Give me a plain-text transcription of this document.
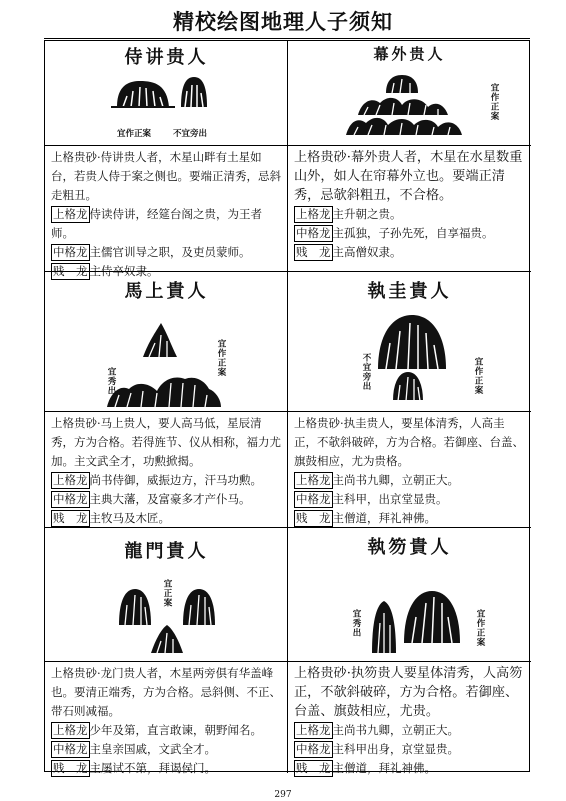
精校绘图地理人子须知
侍讲贵人
宜作正案	不宜旁出
上格贵砂·侍讲贵人者，木星山畔有土星如台，若贵人侍于案之侧也。要端正清秀，忌斜走粗丑。
上格龙 侍读侍讲，经筵台阁之贵，为王者师。
中格龙 主儒官训导之职，及吏员蒙师。
贱　龙 主侍卒奴隶。
幕外贵人
宜作正案
上格贵砂·幕外贵人者，木星在水星数重山外，如人在帘幕外立也。要端正清秀，忌欹斜粗丑，不合格。
上格龙 主升朝之贵。
中格龙 主孤独，子孙先死，自享福贵。
贱　龙 主高僧奴隶。
馬上貴人
宜秀出
宜作正案
上格贵砂·马上贵人，要人高马低，星辰清秀，方为合格。若得旌节、仪从相称，福力尤加。主文武全才，功勲掀揭。
上格龙 尚书侍御，威振边方，汗马功勲。
中格龙 主典大藩，及富豪多才产仆马。
贱　龙 主牧马及木匠。
執圭貴人
不宜旁出	宜作正案
上格贵砂·执圭贵人，要星体清秀，人高圭正，不欹斜破碎，方为合格。若御座、台盖、旗鼓相应，尤为贵格。
上格龙 主尚书九卿，立朝正大。
中格龙 主科甲，出京堂显贵。
贱　龙 主僧道，拜礼神佛。
龍門貴人
宜正案
上格贵砂·龙门贵人者，木星两旁俱有华盖峰也。要清正端秀，方为合格。忌斜侧、不正、带石则减福。
上格龙 少年及第，直言敢谏，朝野闻名。
中格龙 主皇亲国戚，文武全才。
贱　龙 主屡试不第，拜谒侯门。
執笏貴人
宜秀出	宜作正案
上格贵砂·执笏贵人要星体清秀，人高笏正，不欹斜破碎，方为合格。若御座、台盖、旗鼓相应，尤贵。
上格龙 主尚书九卿，立朝正大。
中格龙 主科甲出身，京堂显贵。
贱　龙 主僧道，拜礼神佛。
297
